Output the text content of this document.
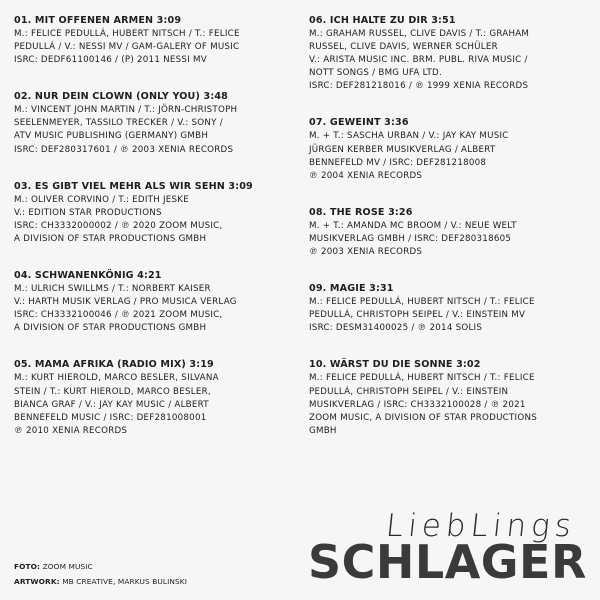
01. MIT OFFENEN ARMEN 3:09
M.: FELICE PEDULLÁ, HUBERT NITSCH / T.: FELICE
PEDULLÁ / V.: NESSI MV / GAM-GALERY OF MUSIC
ISRC: DEDF61100146 / (P) 2011 NESSI MV
02. NUR DEIN CLOWN (ONLY YOU) 3:48
M.: VINCENT JOHN MARTIN / T.: JÖRN-CHRISTOPH
SEELENMEYER, TASSILO TRECKER / V.: SONY /
ATV MUSIC PUBLISHING (GERMANY) GMBH
ISRC: DEF280317601 / ℗ 2003 XENIA RECORDS
03. ES GIBT VIEL MEHR ALS WIR SEHN 3:09
M.: OLIVER CORVINO / T.: EDITH JESKE
V.: EDITION STAR PRODUCTIONS
ISRC: CH3332000002 / ℗ 2020 ZOOM MUSIC,
A DIVISION OF STAR PRODUCTIONS GMBH
04. SCHWANENKÖNIG 4:21
M.: ULRICH SWILLMS / T.: NORBERT KAISER
V.: HARTH MUSIK VERLAG / PRO MUSICA VERLAG
ISRC: CH3332100046 / ℗ 2021 ZOOM MUSIC,
A DIVISION OF STAR PRODUCTIONS GMBH
05. MAMA AFRIKA (RADIO MIX) 3:19
M.: KURT HIEROLD, MARCO BESLER, SILVANA
STEIN / T.: KURT HIEROLD, MARCO BESLER,
BIANCA GRAF / V.: JAY KAY MUSIC / ALBERT
BENNEFELD MUSIC / ISRC: DEF281008001
℗ 2010 XENIA RECORDS
06. ICH HALTE ZU DIR 3:51
M.: GRAHAM RUSSEL, CLIVE DAVIS / T.: GRAHAM
RUSSEL, CLIVE DAVIS, WERNER SCHÜLER
V.: ARISTA MUSIC INC. BRM. PUBL. RIVA MUSIC /
NOTT SONGS / BMG UFA LTD.
ISRC: DEF281218016 / ℗ 1999 XENIA RECORDS
07. GEWEINT 3:36
M. + T.: SASCHA URBAN / V.: JAY KAY MUSIC
JÜRGEN KERBER MUSIKVERLAG / ALBERT
BENNEFELD MV / ISRC: DEF281218008
℗ 2004 XENIA RECORDS
08. THE ROSE 3:26
M. + T.: AMANDA MC BROOM / V.: NEUE WELT
MUSIKVERLAG GMBH / ISRC: DEF280318605
℗ 2003 XENIA RECORDS
09. MAGIE 3:31
M.: FELICE PEDULLÁ, HUBERT NITSCH / T.: FELICE
PEDULLÁ, CHRISTOPH SEIPEL / V.: EINSTEIN MV
ISRC: DESM31400025 / ℗ 2014 SOLIS
10. WÄRST DU DIE SONNE 3:02
M.: FELICE PEDULLÁ, HUBERT NITSCH / T.: FELICE
PEDULLÁ, CHRISTOPH SEIPEL / V.: EINSTEIN
MUSIKVERLAG / ISRC: CH3332100028 / ℗ 2021
ZOOM MUSIC, A DIVISION OF STAR PRODUCTIONS
GMBH
FOTO: ZOOM MUSIC
ARTWORK: MB CREATIVE, MARKUS BULINSKI
LiebLings
SCHLAGER
